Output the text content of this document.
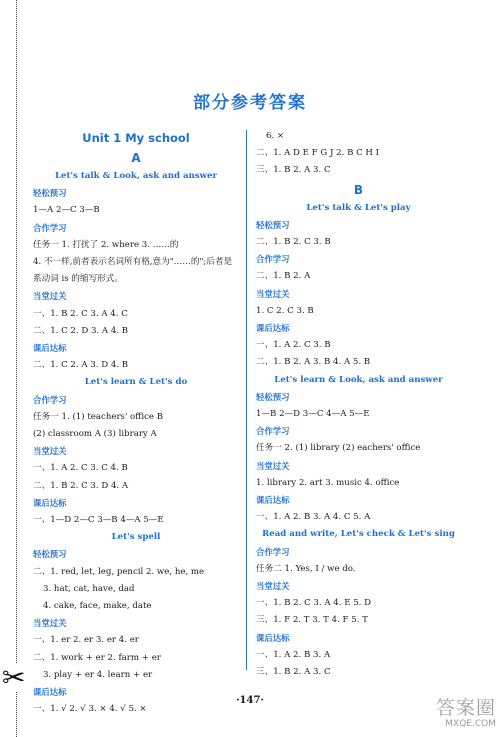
✂
部分参考答案
Unit 1 My school
A
Let's talk & Look, ask and answer
轻松预习
1—A 2—C 3—B
合作学习
任务一 1. 打扰了 2. where 3. ……的
4. 不一样,前者表示名词所有格,意为"……的";后者是系动词 is 的缩写形式。
当堂过关
一、1. B 2. C 3. A 4. C
二、1. C 2. D 3. A 4. B
课后达标
二、1. C 2. A 3. D 4. B
Let's learn & Let's do
合作学习
任务一 1. (1) teachers' office B
(2) classroom A (3) library A
当堂过关
一、1. A 2. C 3. C 4. B
二、1. B 2. C 3. D 4. A
课后达标
一、1—D 2—C 3—B 4—A 5—E
Let's spell
轻松预习
二、1. red, let, leg, pencil 2. we, he, me
3. hat, cat, have, dad
4. cake, face, make, date
当堂过关
一、1. er 2. er 3. er 4. er
二、1. work + er 2. farm + er
3. play + er 4. learn + er
课后达标
一、1. √ 2. √ 3. × 4. √ 5. ×
6. ×
二、1. A D E F G J 2. B C H I
三、1. B 2. A 3. C
B
Let's talk & Let's play
轻松预习
二、1. B 2. C 3. B
合作学习
二、1. B 2. A
当堂过关
1. C 2. C 3. B
课后达标
一、1. A 2. C 3. B
二、1. B 2. A 3. B 4. A 5. B
Let's learn & Look, ask and answer
轻松预习
1—B 2—D 3—C 4—A 5—E
合作学习
任务一 2. (1) library (2) eachers' office
当堂过关
1. library 2. art 3. music 4. office
课后达标
一、1. A 2. B 3. A 4. C 5. A
Read and write, Let's check & Let's sing
合作学习
任务二 1. Yes, I / we do.
当堂过关
一、1. B 2. C 3. A 4. E 5. D
三、1. F 2. T 3. T 4. F 5. T
课后达标
一、1. A 2. B 3. A
三、1. B 2. A 3. C
·147·	答案圈
MXQE.COM
